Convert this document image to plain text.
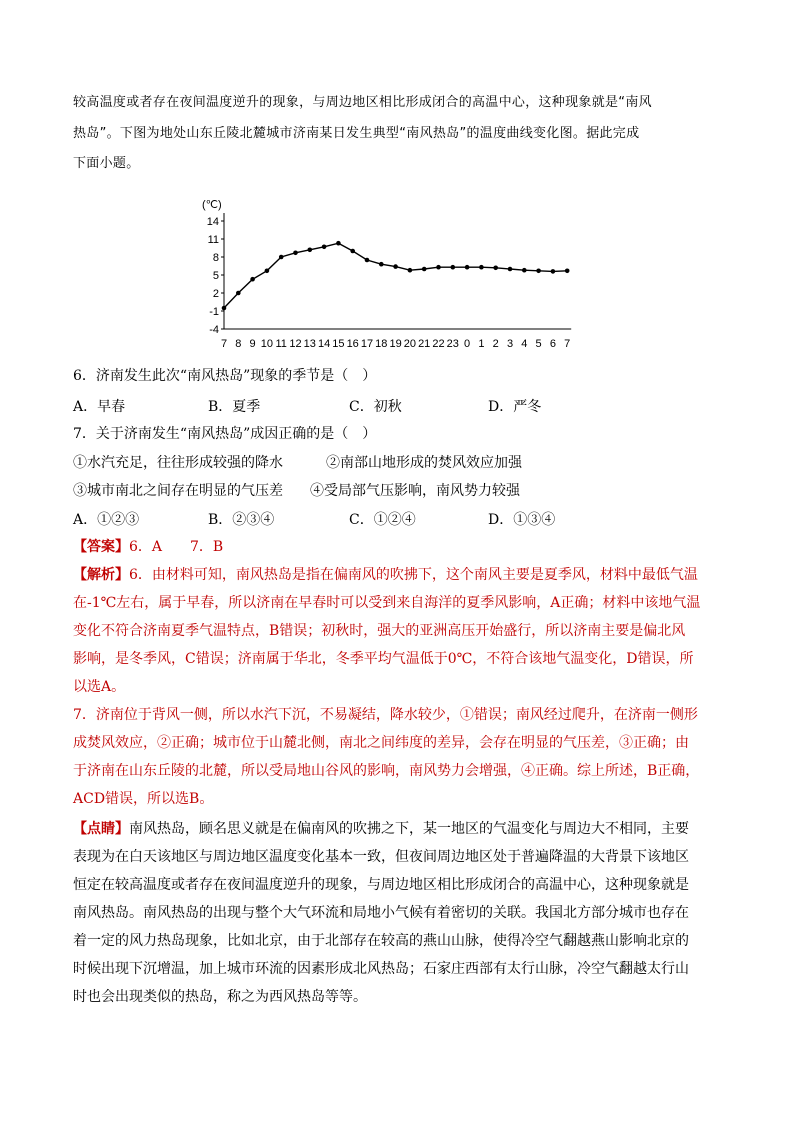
较高温度或者存在夜间温度逆升的现象，与周边地区相比形成闭合的高温中心，这种现象就是“南风
热岛”。下图为地处山东丘陵北麓城市济南某日发生典型“南风热岛”的温度曲线变化图。据此完成
下面小题。
(℃)
14
11
8
5
2
-1
-4
7 8 9 10 11 12 13 14 15 16 17 18 19 20 21 22 23 0 1 2 3 4 5 6 7
6．济南发生此次“南风热岛”现象的季节是（　）
A．早春	B．夏季	C．初秋	D．严冬
7．关于济南发生“南风热岛”成因正确的是（　）
①水汽充足，往往形成较强的降水	②南部山地形成的焚风效应加强
③城市南北之间存在明显的气压差 ④受局部气压影响，南风势力较强
A．①②③	B．②③④	C．①②④	D．①③④
【答案】6．A　　7．B
【解析】6．由材料可知，南风热岛是指在偏南风的吹拂下，这个南风主要是夏季风，材料中最低气温
在-1℃左右，属于早春，所以济南在早春时可以受到来自海洋的夏季风影响，A正确；材料中该地气温
变化不符合济南夏季气温特点，B错误；初秋时，强大的亚洲高压开始盛行，所以济南主要是偏北风
影响，是冬季风，C错误；济南属于华北，冬季平均气温低于0℃，不符合该地气温变化，D错误，所
以选A。
7．济南位于背风一侧，所以水汽下沉，不易凝结，降水较少，①错误；南风经过爬升，在济南一侧形
成焚风效应，②正确；城市位于山麓北侧，南北之间纬度的差异，会存在明显的气压差，③正确；由
于济南在山东丘陵的北麓，所以受局地山谷风的影响，南风势力会增强，④正确。综上所述，B正确，
ACD错误，所以选B。
【点睛】南风热岛，顾名思义就是在偏南风的吹拂之下，某一地区的气温变化与周边大不相同，主要
表现为在白天该地区与周边地区温度变化基本一致，但夜间周边地区处于普遍降温的大背景下该地区
恒定在较高温度或者存在夜间温度逆升的现象，与周边地区相比形成闭合的高温中心，这种现象就是
南风热岛。南风热岛的出现与整个大气环流和局地小气候有着密切的关联。我国北方部分城市也存在
着一定的风力热岛现象，比如北京，由于北部存在较高的燕山山脉，使得冷空气翻越燕山影响北京的
时候出现下沉增温，加上城市环流的因素形成北风热岛；石家庄西部有太行山脉，冷空气翻越太行山
时也会出现类似的热岛，称之为西风热岛等等。
